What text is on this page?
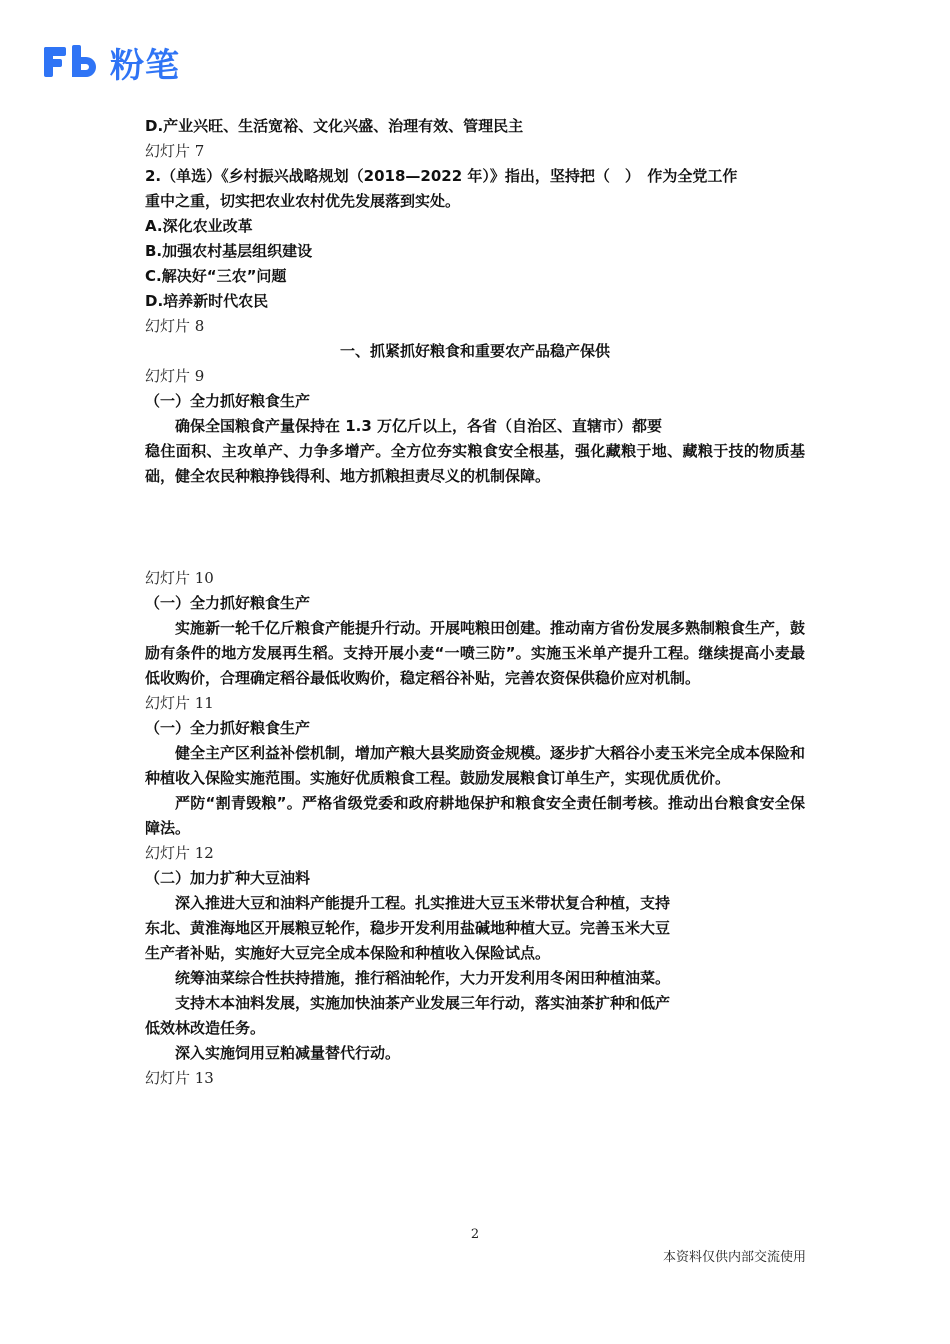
粉笔
D.产业兴旺、生活宽裕、文化兴盛、治理有效、管理民主
幻灯片 7
2.（单选）《乡村振兴战略规划（2018—2022 年）》指出，坚持把（　）　作为全党工作
重中之重，切实把农业农村优先发展落到实处。
A.深化农业改革
B.加强农村基层组织建设
C.解决好“三农”问题
D.培养新时代农民
幻灯片 8
一、抓紧抓好粮食和重要农产品稳产保供
幻灯片 9
（一）全力抓好粮食生产
确保全国粮食产量保持在 1.3 万亿斤以上，各省（自治区、直辖市）都要
稳住面积、主攻单产、力争多增产。全方位夯实粮食安全根基，强化藏粮于地、藏粮于技的物质基础，健全农民种粮挣钱得利、地方抓粮担责尽义的机制保障。
幻灯片 10
（一）全力抓好粮食生产
实施新一轮千亿斤粮食产能提升行动。开展吨粮田创建。推动南方省份发展多熟制粮食生产，鼓励有条件的地方发展再生稻。支持开展小麦“一喷三防”。实施玉米单产提升工程。继续提高小麦最低收购价，合理确定稻谷最低收购价，稳定稻谷补贴，完善农资保供稳价应对机制。
幻灯片 11
（一）全力抓好粮食生产
健全主产区利益补偿机制，增加产粮大县奖励资金规模。逐步扩大稻谷小麦玉米完全成本保险和种植收入保险实施范围。实施好优质粮食工程。鼓励发展粮食订单生产，实现优质优价。
严防“割青毁粮”。严格省级党委和政府耕地保护和粮食安全责任制考核。推动出台粮食安全保障法。
幻灯片 12
（二）加力扩种大豆油料
深入推进大豆和油料产能提升工程。扎实推进大豆玉米带状复合种植，支持
东北、黄淮海地区开展粮豆轮作，稳步开发利用盐碱地种植大豆。完善玉米大豆
生产者补贴，实施好大豆完全成本保险和种植收入保险试点。
统筹油菜综合性扶持措施，推行稻油轮作，大力开发利用冬闲田种植油菜。
支持木本油料发展，实施加快油茶产业发展三年行动，落实油茶扩种和低产
低效林改造任务。
深入实施饲用豆粕减量替代行动。
幻灯片 13
2
本资料仅供内部交流使用
